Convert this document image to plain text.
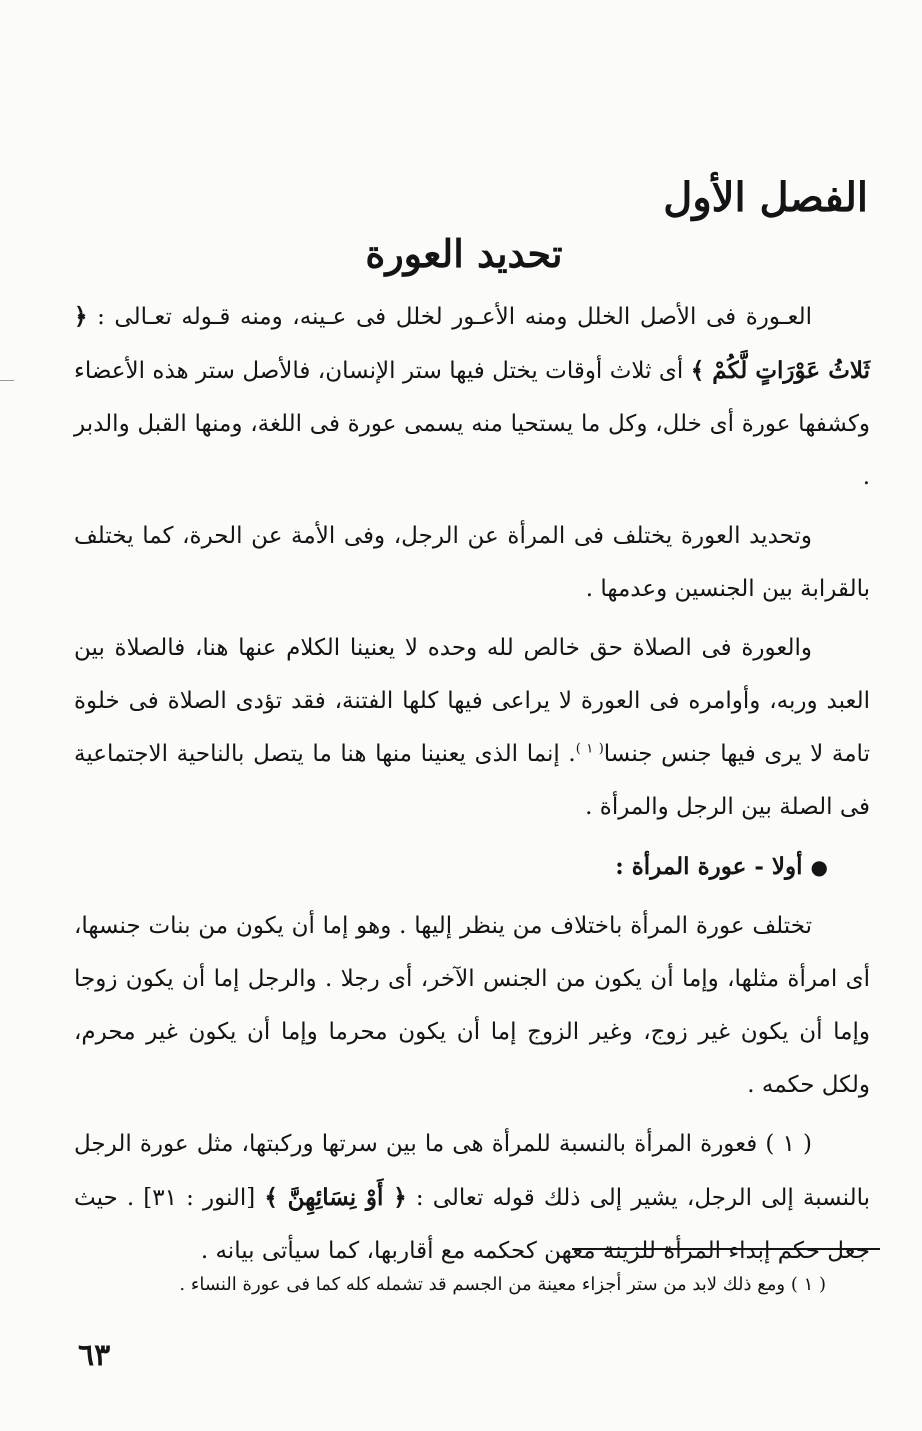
الفصل الأول
تحديد العورة

العـورة فى الأصل الخلل ومنه الأعـور لخلل فى عـينه، ومنه قـوله تعـالى : ﴿ ثَلاثُ عَوْرَاتٍ لَّكُمْ ﴾ أى ثلاث أوقات يختل فيها ستر الإنسان، فالأصل ستر هذه الأعضاء وكشفها عورة أى خلل، وكل ما يستحيا منه يسمى عورة فى اللغة، ومنها القبل والدبر .

وتحديد العورة يختلف فى المرأة عن الرجل، وفى الأمة عن الحرة، كما يختلف بالقرابة بين الجنسين وعدمها .

والعورة فى الصلاة حق خالص لله وحده لا يعنينا الكلام عنها هنا، فالصلاة بين العبد وربه، وأوامره فى العورة لا يراعى فيها كلها الفتنة، فقد تؤدى الصلاة فى خلوة تامة لا يرى فيها جنس جنسا$^{( ١ )}$. إنما الذى يعنينا منها هنا ما يتصل بالناحية الاجتماعية فى الصلة بين الرجل والمرأة .

● أولا - عورة المرأة :

تختلف عورة المرأة باختلاف من ينظر إليها . وهو إما أن يكون من بنات جنسها، أى امرأة مثلها، وإما أن يكون من الجنس الآخر، أى رجلا . والرجل إما أن يكون زوجا وإما أن يكون غير زوج، وغير الزوج إما أن يكون محرما وإما أن يكون غير محرم، ولكل حكمه .

( ١ ) فعورة المرأة بالنسبة للمرأة هى ما بين سرتها وركبتها، مثل عورة الرجل بالنسبة إلى الرجل، يشير إلى ذلك قوله تعالى : ﴿ أَوْ نِسَائِهِنَّ ﴾ [النور : ٣١] . حيث جعل حكم إبداء المرأة للزينة معهن كحكمه مع أقاربها، كما سيأتى بيانه .

( ١ ) ومع ذلك لابد من ستر أجزاء معينة من الجسم قد تشمله كله كما فى عورة النساء .
٦٣
